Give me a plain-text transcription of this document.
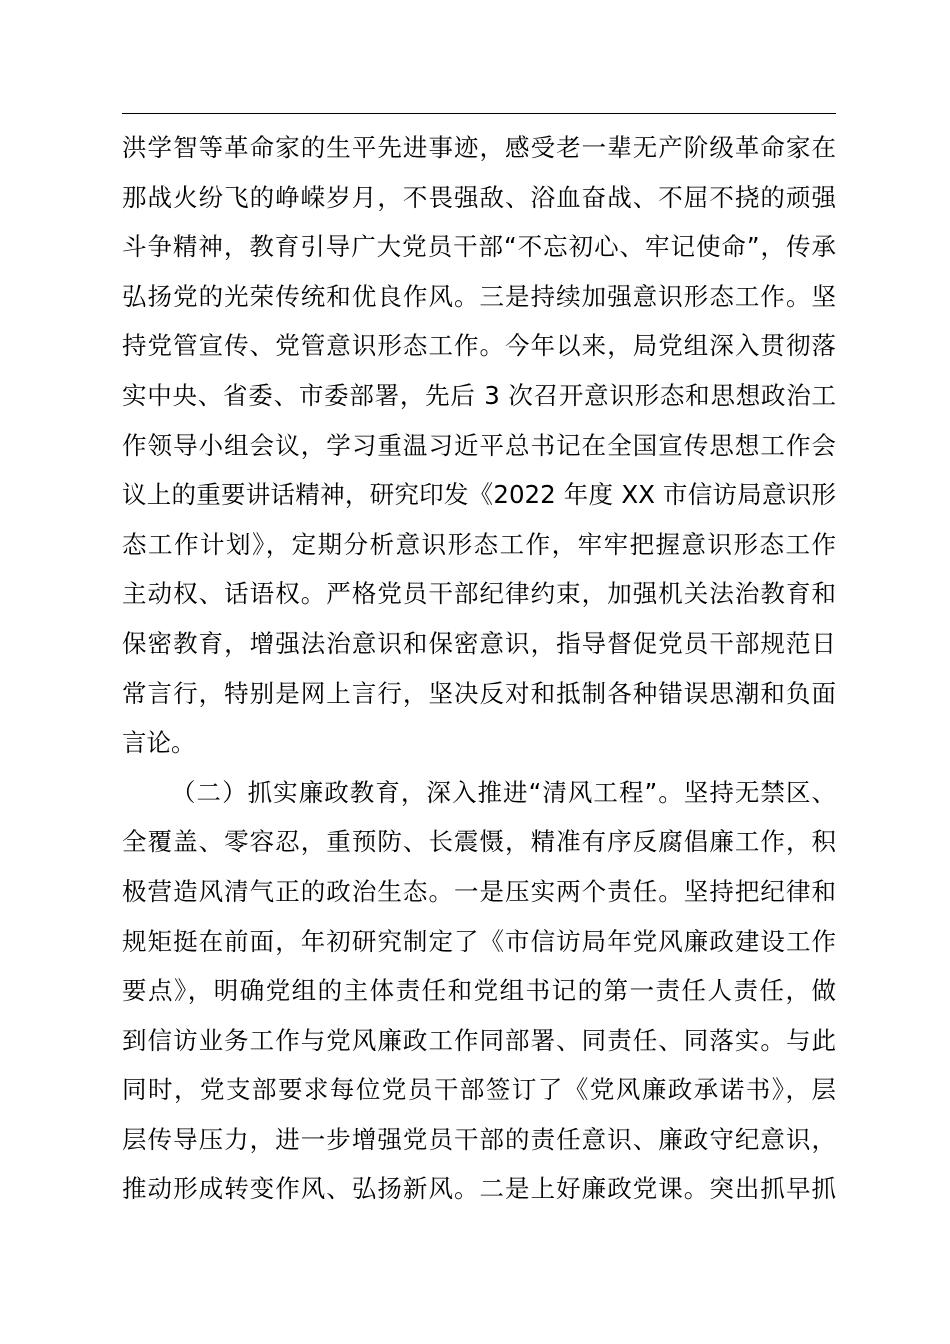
洪学智等革命家的生平先进事迹，感受老一辈无产阶级革命家在
那战火纷飞的峥嵘岁月，不畏强敌、浴血奋战、不屈不挠的顽强
斗争精神，教育引导广大党员干部“不忘初心、牢记使命”，传承
弘扬党的光荣传统和优良作风。三是持续加强意识形态工作。坚
持党管宣传、党管意识形态工作。今年以来，局党组深入贯彻落
实中央、省委、市委部署，先后 3 次召开意识形态和思想政治工
作领导小组会议，学习重温习近平总书记在全国宣传思想工作会
议上的重要讲话精神，研究印发《2022 年度 XX 市信访局意识形
态工作计划》，定期分析意识形态工作，牢牢把握意识形态工作
主动权、话语权。严格党员干部纪律约束，加强机关法治教育和
保密教育，增强法治意识和保密意识，指导督促党员干部规范日
常言行，特别是网上言行，坚决反对和抵制各种错误思潮和负面
言论。
（二）抓实廉政教育，深入推进“清风工程”。坚持无禁区、
全覆盖、零容忍，重预防、长震慑，精准有序反腐倡廉工作，积
极营造风清气正的政治生态。一是压实两个责任。坚持把纪律和
规矩挺在前面，年初研究制定了《市信访局年党风廉政建设工作
要点》，明确党组的主体责任和党组书记的第一责任人责任，做
到信访业务工作与党风廉政工作同部署、同责任、同落实。与此
同时，党支部要求每位党员干部签订了《党风廉政承诺书》，层
层传导压力，进一步增强党员干部的责任意识、廉政守纪意识，
推动形成转变作风、弘扬新风。二是上好廉政党课。突出抓早抓
